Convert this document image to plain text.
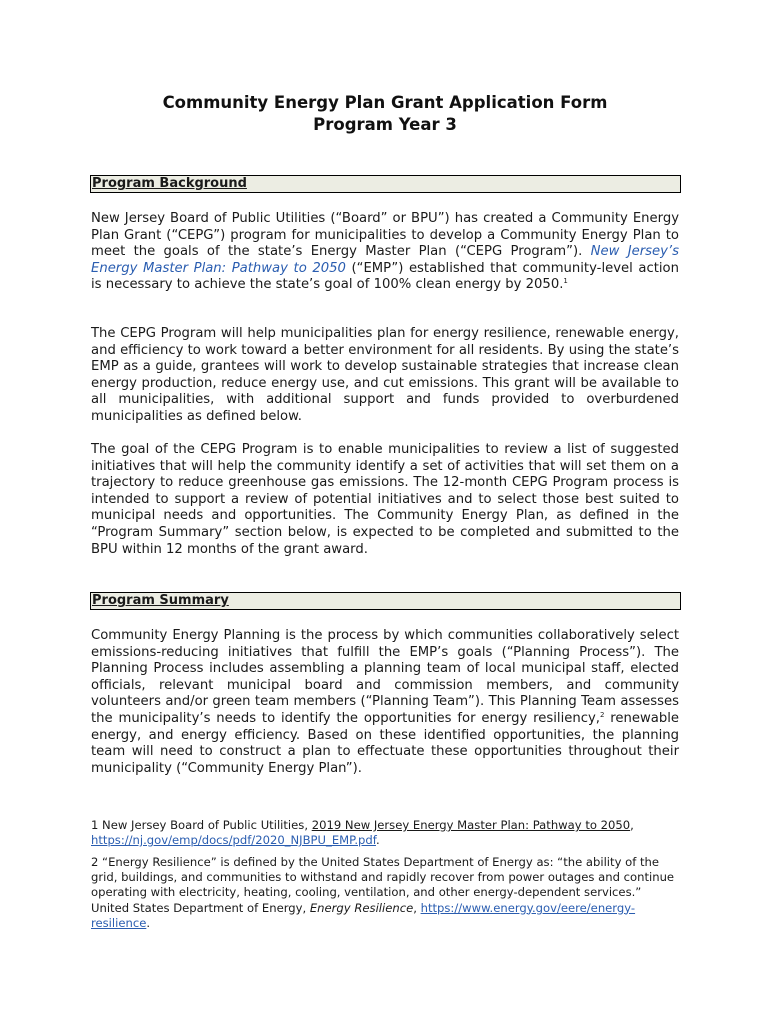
Community Energy Plan Grant Application Form
Program Year 3
Program Background
New Jersey Board of Public Utilities (“Board” or BPU”) has created a Community Energy Plan Grant (“CEPG”) program for municipalities to develop a Community Energy Plan to meet the goals of the state’s Energy Master Plan (“CEPG Program”). New Jersey’s Energy Master Plan: Pathway to 2050 (“EMP”) established that community-level action is necessary to achieve the state’s goal of 100% clean energy by 2050.$^1$
The CEPG Program will help municipalities plan for energy resilience, renewable energy, and efficiency to work toward a better environment for all residents. By using the state’s EMP as a guide, grantees will work to develop sustainable strategies that increase clean energy production, reduce energy use, and cut emissions. This grant will be available to all municipalities, with additional support and funds provided to overburdened municipalities as defined below.
The goal of the CEPG Program is to enable municipalities to review a list of suggested initiatives that will help the community identify a set of activities that will set them on a trajectory to reduce greenhouse gas emissions. The 12-month CEPG Program process is intended to support a review of potential initiatives and to select those best suited to municipal needs and opportunities. The Community Energy Plan, as defined in the “Program Summary” section below, is expected to be completed and submitted to the BPU within 12 months of the grant award.
Program Summary
Community Energy Planning is the process by which communities collaboratively select emissions-reducing initiatives that fulfill the EMP’s goals (“Planning Process”). The Planning Process includes assembling a planning team of local municipal staff, elected officials, relevant municipal board and commission members, and community volunteers and/or green team members (“Planning Team”). This Planning Team assesses the municipality’s needs to identify the opportunities for energy resiliency,$^2$ renewable energy, and energy efficiency. Based on these identified opportunities, the planning team will need to construct a plan to effectuate these opportunities throughout their municipality (“Community Energy Plan”).
1 New Jersey Board of Public Utilities, 2019 New Jersey Energy Master Plan: Pathway to 2050, https://nj.gov/emp/docs/pdf/2020_NJBPU_EMP.pdf.
2 “Energy Resilience” is defined by the United States Department of Energy as: “the ability of the grid, buildings, and communities to withstand and rapidly recover from power outages and continue operating with electricity, heating, cooling, ventilation, and other energy-dependent services.” United States Department of Energy, Energy Resilience, https://www.energy.gov/eere/energy-resilience.
